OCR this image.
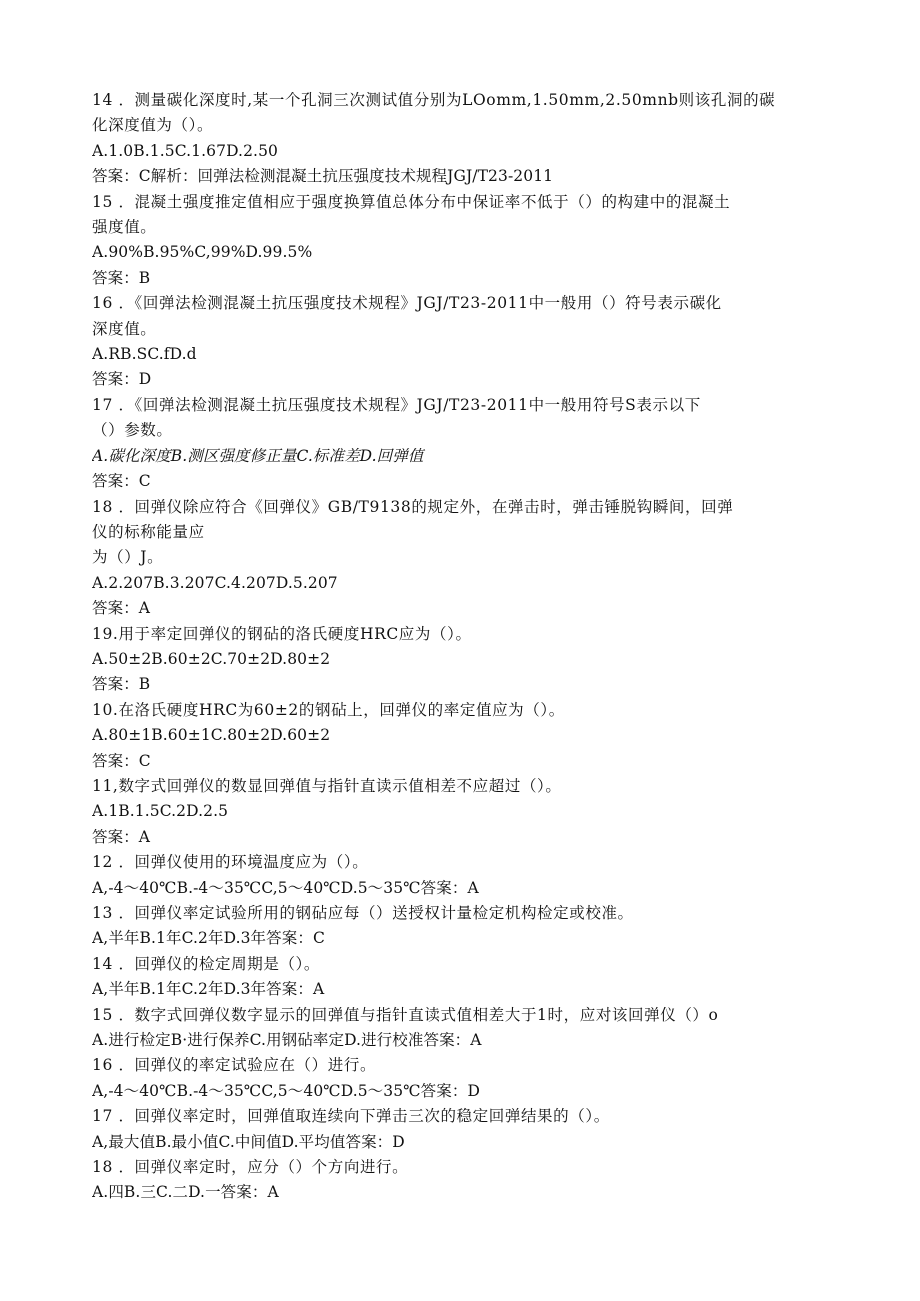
14 ．测量碳化深度时,某一个孔洞三次测试值分别为LOomm,1.50mm,2.50mnb则该孔洞的碳
化深度值为（）。
A.1.0B.1.5C.1.67D.2.50
答案：C解析：回弹法检测混凝土抗压强度技术规程JGJ/T23-2011
15 ．混凝土强度推定值相应于强度换算值总体分布中保证率不低于（）的构建中的混凝土
强度值。
A.90%B.95%C,99%D.99.5%
答案：B
16 ．《回弹法检测混凝土抗压强度技术规程》JGJ/T23-2011中一般用（）符号表示碳化
深度值。
A.RB.SC.fD.d
答案：D
17 ．《回弹法检测混凝土抗压强度技术规程》JGJ/T23-2011中一般用符号S表示以下
（）参数。
A.碳化深度B.测区强度修正量C.标准差D.回弹值
答案：C
18 ．回弹仪除应符合《回弹仪》GB/T9138的规定外，在弹击时，弹击锤脱钩瞬间，回弹
仪的标称能量应
为（）J。
A.2.207B.3.207C.4.207D.5.207
答案：A
19.用于率定回弹仪的钢砧的洛氏硬度HRC应为（）。
A.50±2B.60±2C.70±2D.80±2
答案：B
10.在洛氏硬度HRC为60±2的钢砧上，回弹仪的率定值应为（）。
A.80±1B.60±1C.80±2D.60±2
答案：C
11,数字式回弹仪的数显回弹值与指针直读示值相差不应超过（）。
A.1B.1.5C.2D.2.5
答案：A
12 ．回弹仪使用的环境温度应为（）。
A,-4～40℃B.-4～35℃C,5～40℃D.5～35℃答案：A
13 ．回弹仪率定试验所用的钢砧应每（）送授权计量检定机构检定或校准。
A,半年B.1年C.2年D.3年答案：C
14 ．回弹仪的检定周期是（）。
A,半年B.1年C.2年D.3年答案：A
15 ．数字式回弹仪数字显示的回弹值与指针直读式值相差大于1时，应对该回弹仪（）o
A.进行检定B·进行保养C.用钢砧率定D.进行校准答案：A
16 ．回弹仪的率定试验应在（）进行。
A,-4～40℃B.-4～35℃C,5～40℃D.5～35℃答案：D
17 ．回弹仪率定时，回弹值取连续向下弹击三次的稳定回弹结果的（）。
A,最大值B.最小值C.中间值D.平均值答案：D
18 ．回弹仪率定时，应分（）个方向进行。
A.四B.三C.二D.一答案：A
